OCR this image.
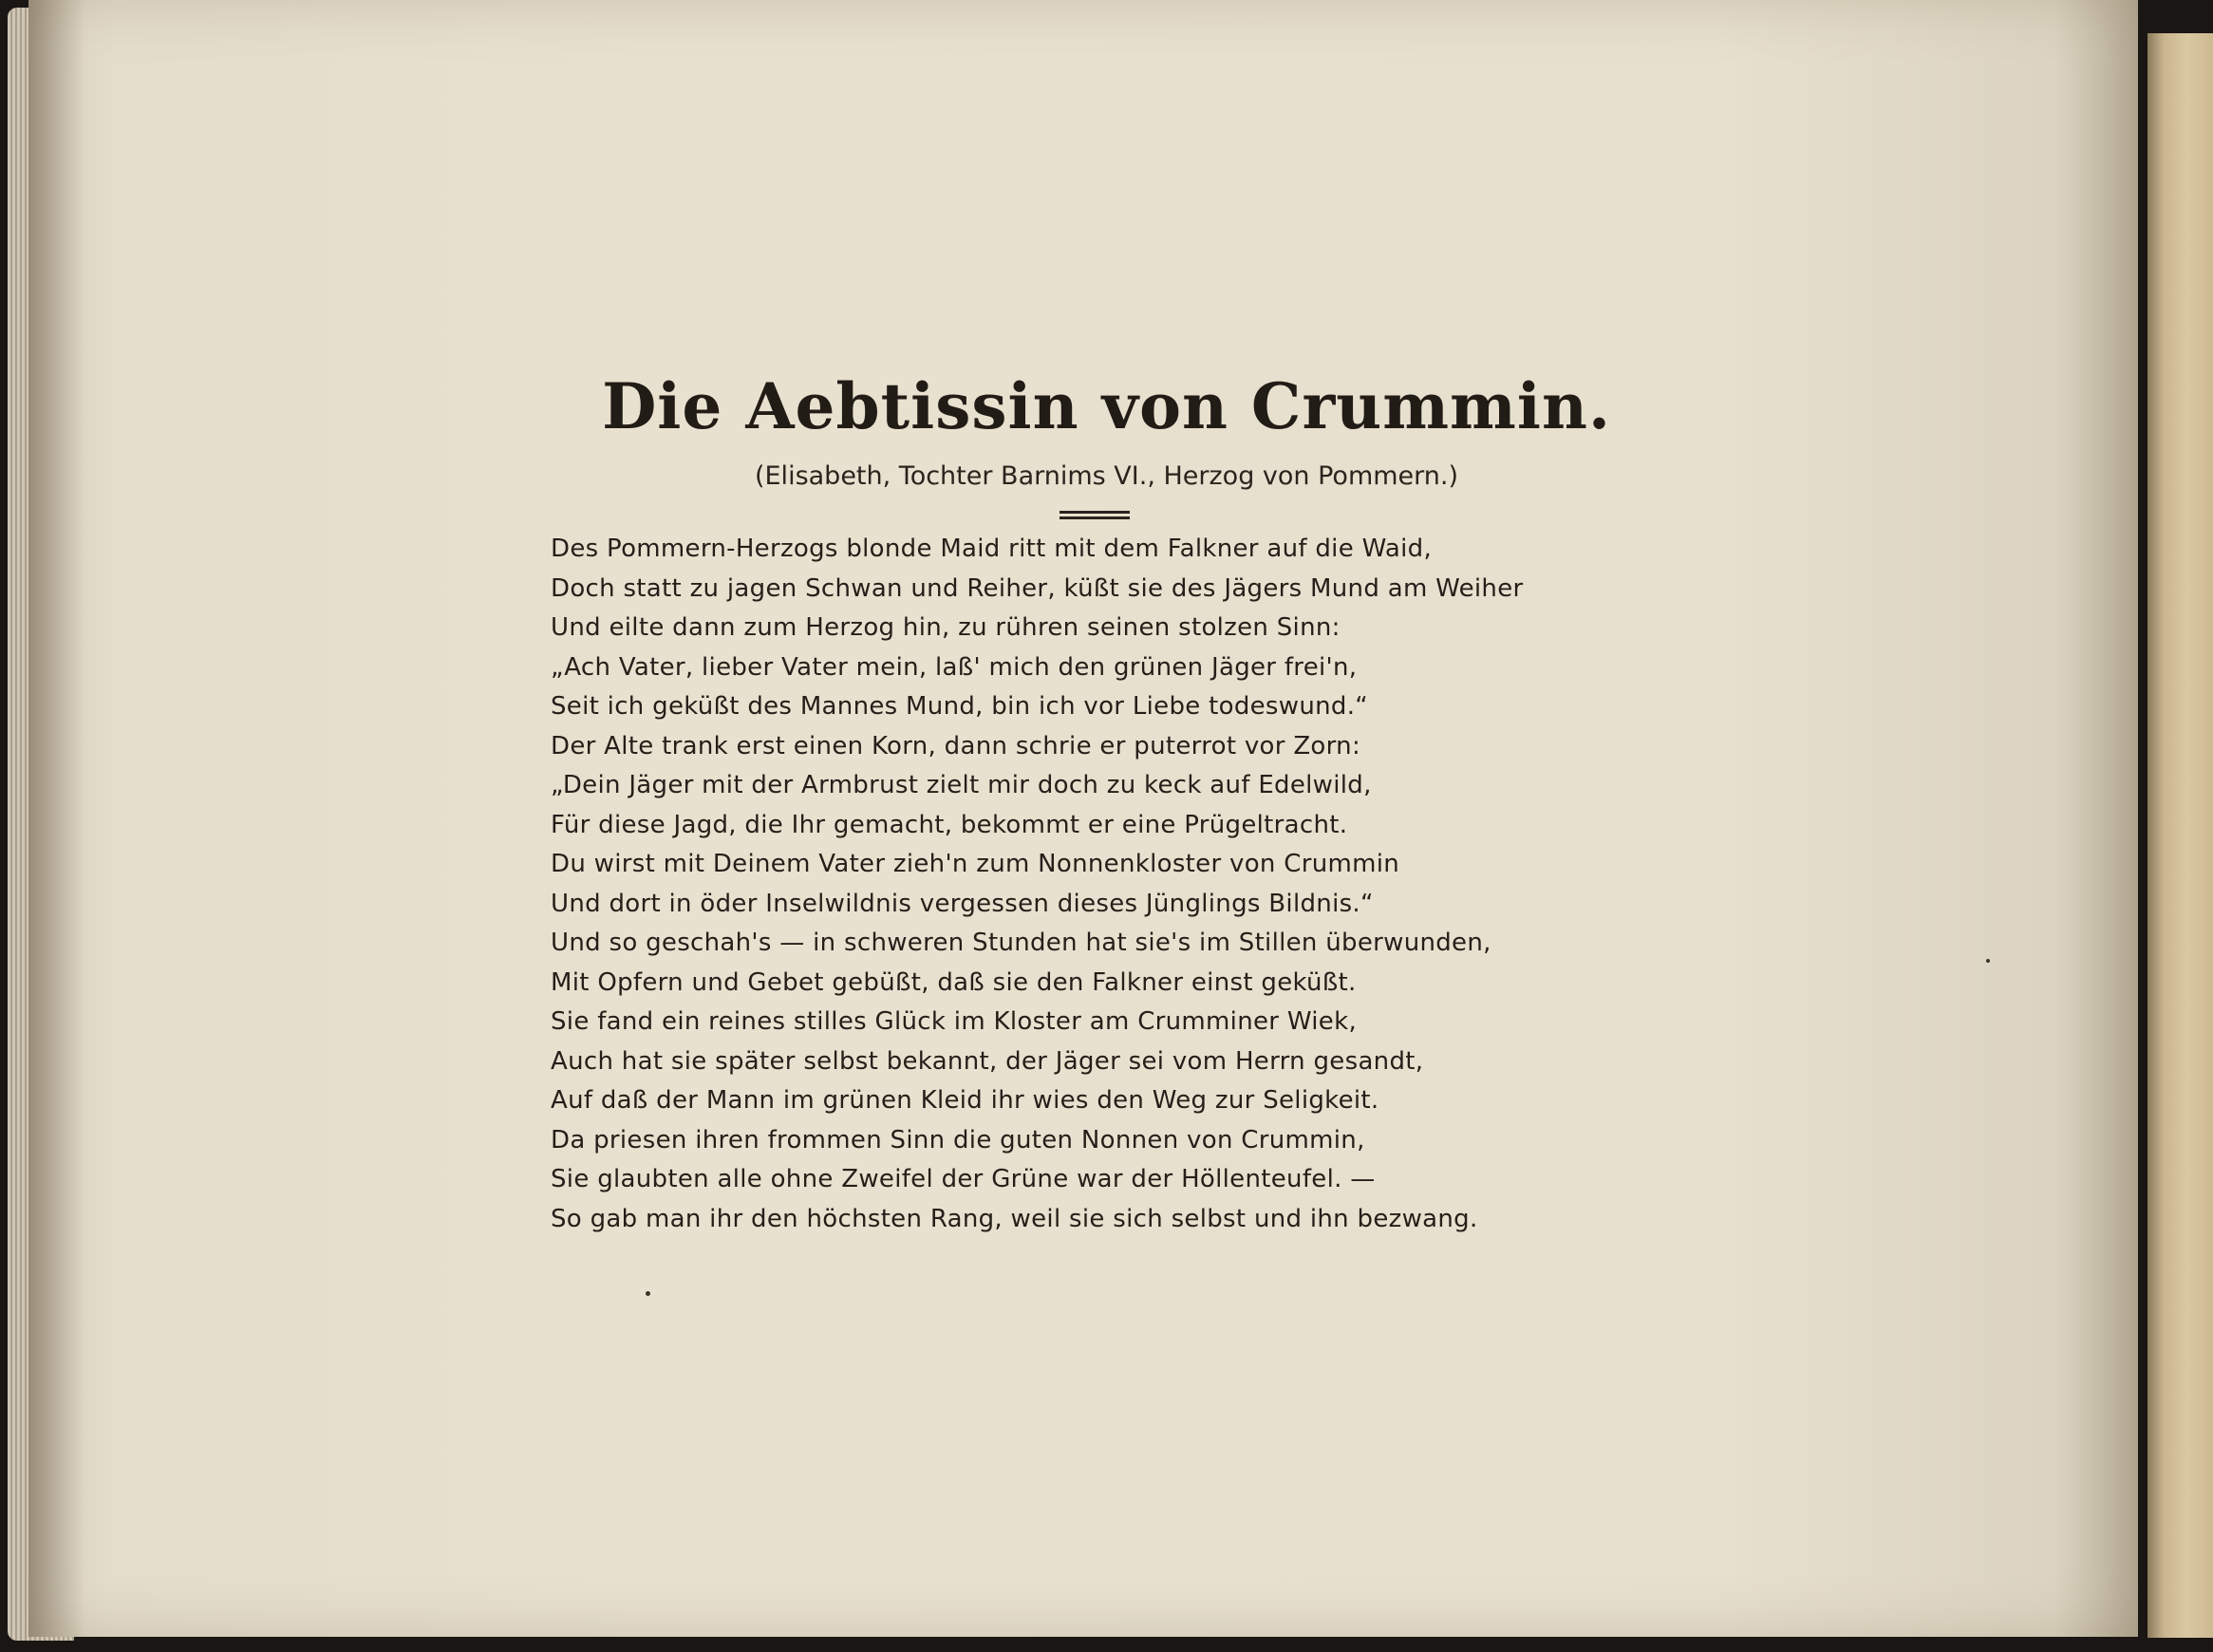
Die Aebtissin von Crummin.

(Elisabeth, Tochter Barnims VI., Herzog von Pommern.)

Des Pommern-Herzogs blonde Maid ritt mit dem Falkner auf die Waid,
Doch statt zu jagen Schwan und Reiher, küßt sie des Jägers Mund am Weiher
Und eilte dann zum Herzog hin, zu rühren seinen stolzen Sinn:
„Ach Vater, lieber Vater mein, laß' mich den grünen Jäger frei'n,
Seit ich geküßt des Mannes Mund, bin ich vor Liebe todeswund.“
Der Alte trank erst einen Korn, dann schrie er puterrot vor Zorn:
„Dein Jäger mit der Armbrust zielt mir doch zu keck auf Edelwild,
Für diese Jagd, die Ihr gemacht, bekommt er eine Prügeltracht.
Du wirst mit Deinem Vater zieh'n zum Nonnenkloster von Crummin
Und dort in öder Inselwildnis vergessen dieses Jünglings Bildnis.“
Und so geschah's — in schweren Stunden hat sie's im Stillen überwunden,
Mit Opfern und Gebet gebüßt, daß sie den Falkner einst geküßt.
Sie fand ein reines stilles Glück im Kloster am Crumminer Wiek,
Auch hat sie später selbst bekannt, der Jäger sei vom Herrn gesandt,
Auf daß der Mann im grünen Kleid ihr wies den Weg zur Seligkeit.
Da priesen ihren frommen Sinn die guten Nonnen von Crummin,
Sie glaubten alle ohne Zweifel der Grüne war der Höllenteufel. —
So gab man ihr den höchsten Rang, weil sie sich selbst und ihn bezwang.
